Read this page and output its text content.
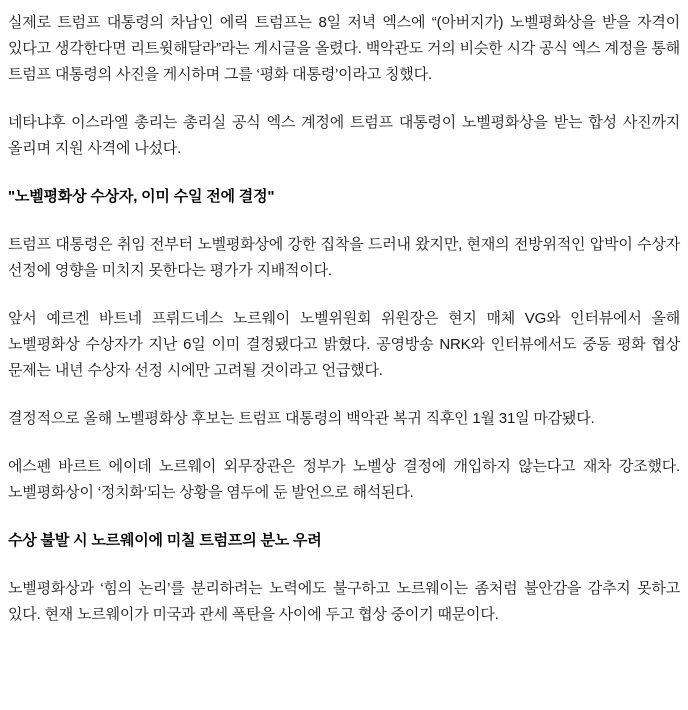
실제로 트럼프 대통령의 차남인 에릭 트럼프는 8일 저녁 엑스에 “(아버지가) 노벨평화상을 받을 자격이 있다고 생각한다면 리트윗해달라”라는 게시글을 올렸다. 백악관도 거의 비슷한 시각 공식 엑스 계정을 통해 트럼프 대통령의 사진을 게시하며 그를 ‘평화 대통령’이라고 칭했다.

네타냐후 이스라엘 총리는 총리실 공식 엑스 계정에 트럼프 대통령이 노벨평화상을 받는 합성 사진까지 올리며 지원 사격에 나섰다.

"노벨평화상 수상자, 이미 수일 전에 결정"

트럼프 대통령은 취임 전부터 노벨평화상에 강한 집착을 드러내 왔지만, 현재의 전방위적인 압박이 수상자 선정에 영향을 미치지 못한다는 평가가 지배적이다.

앞서 예르겐 바트네 프뤼드네스 노르웨이 노벨위원회 위원장은 현지 매체 VG와 인터뷰에서 올해 노벨평화상 수상자가 지난 6일 이미 결정됐다고 밝혔다. 공영방송 NRK와 인터뷰에서도 중동 평화 협상 문제는 내년 수상자 선정 시에만 고려될 것이라고 언급했다.

결정적으로 올해 노벨평화상 후보는 트럼프 대통령의 백악관 복귀 직후인 1월 31일 마감됐다.

에스펜 바르트 에이데 노르웨이 외무장관은 정부가 노벨상 결정에 개입하지 않는다고 재차 강조했다. 노벨평화상이 ‘정치화’되는 상황을 염두에 둔 발언으로 해석된다.

수상 불발 시 노르웨이에 미칠 트럼프의 분노 우려

노벨평화상과 ‘힘의 논리’를 분리하려는 노력에도 불구하고 노르웨이는 좀처럼 불안감을 감추지 못하고 있다. 현재 노르웨이가 미국과 관세 폭탄을 사이에 두고 협상 중이기 때문이다.
